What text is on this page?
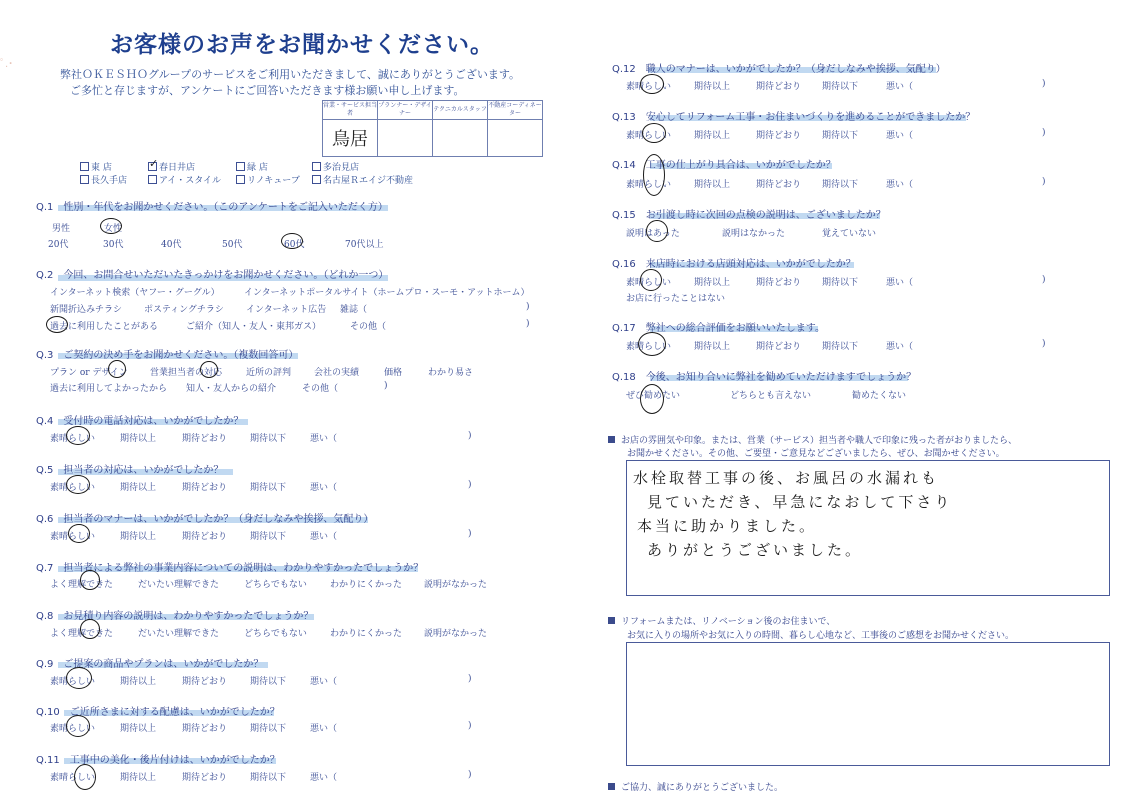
お客様のお声をお聞かせください。
ﾟ.･
弊社ＯＫＥＳＨＯグループのサービスをご利用いただきまして、誠にありがとうございます。
ご多忙と存じますが、アンケートにご回答いただきます様お願い申し上げます。
営業・サービス担当者	プランナー・デザイナー	テクニカルスタッフ	不動産コーディネーター
鳥居			
東 店	✓ 春日井店	緑 店	多治見店
長久手店	アイ・スタイル	リノキューブ	名古屋Ｒエイジ不動産
Q.1 性別・年代をお聞かせください。（このアンケートをご記入いただく方）
男性	女性
20代	30代	40代	50代	60代	70代以上
Q.2 今回、お問合せいただいたきっかけをお聞かせください。（どれか一つ）
インターネット検索（ヤフー・グーグル）	インターネットポータルサイト（ホームプロ・スーモ・アットホーム）
新聞折込みチラシ ポスティングチラシ インターネット広告 雑誌（	)
過去に利用したことがある	ご紹介（知人・友人・東邦ガス）	その他（	)
Q.3 ご契約の決め手をお聞かせください。（複数回答可）
プラン or デザイン 営業担当者の対応	近所の評判	会社の実績	価格	わかり易さ
過去に利用してよかったから 知人・友人からの紹介	その他（	)
Q.4 受付時の電話対応は、いかがでしたか？
素晴らしい	期待以上	期待どおり	期待以下	悪い（	)
Q.5 担当者の対応は、いかがでしたか？
素晴らしい	期待以上	期待どおり	期待以下	悪い（	)
Q.6 担当者のマナーは、いかがでしたか？（身だしなみや挨拶、気配り）
素晴らしい	期待以上	期待どおり	期待以下	悪い（	)
Q.7 担当者による弊社の事業内容についての説明は、わかりやすかったでしょうか？
よく理解できた	だいたい理解できた	どちらでもない	わかりにくかった 説明がなかった
Q.8 お見積り内容の説明は、わかりやすかったでしょうか？
よく理解できた	だいたい理解できた	どちらでもない	わかりにくかった 説明がなかった
Q.9 ご提案の商品やプランは、いかがでしたか？
素晴らしい	期待以上	期待どおり	期待以下	悪い（	)
Q.10 ご近所さまに対する配慮は、いかがでしたか？
素晴らしい	期待以上	期待どおり	期待以下	悪い（	)
Q.11 工事中の美化・後片付けは、いかがでしたか？
素晴らしい	期待以上	期待どおり	期待以下	悪い（	)
Q.12 職人のマナーは、いかがでしたか？（身だしなみや挨拶、気配り）
素晴らしい	期待以上	期待どおり 期待以下	悪い（	)
Q.13 安心してリフォーム工事・お住まいづくりを進めることができましたか？
素晴らしい	期待以上	期待どおり 期待以下	悪い（	)
Q.14 工事の仕上がり具合は、いかがでしたか？
素晴らしい	期待以上	期待どおり 期待以下	悪い（	)
Q.15 お引渡し時に次回の点検の説明は、ございましたか？
説明はあった	説明はなかった	覚えていない
Q.16 来店時における店頭対応は、いかがでしたか？
素晴らしい	期待以上	期待どおり 期待以下	悪い（	)
お店に行ったことはない
Q.17 弊社への総合評価をお願いいたします。
素晴らしい	期待以上	期待どおり 期待以下	悪い（	)
Q.18 今後、お知り合いに弊社を勧めていただけますでしょうか？
ぜひ勧めたい	どちらとも言えない	勧めたくない
お店の雰囲気や印象。または、営業（サービス）担当者や職人で印象に残った者がおりましたら、
お聞かせください。その他、ご要望・ご意見などございましたら、ぜひ、お聞かせください。
水栓取替工事の後、お風呂の水漏れも
見ていただき、早急になおして下さり
本当に助かりました。
ありがとうございました。
リフォームまたは、リノベーション後のお住まいで、
お気に入りの場所やお気に入りの時間、暮らし心地など、工事後のご感想をお聞かせください。
ご協力、誠にありがとうございました。
